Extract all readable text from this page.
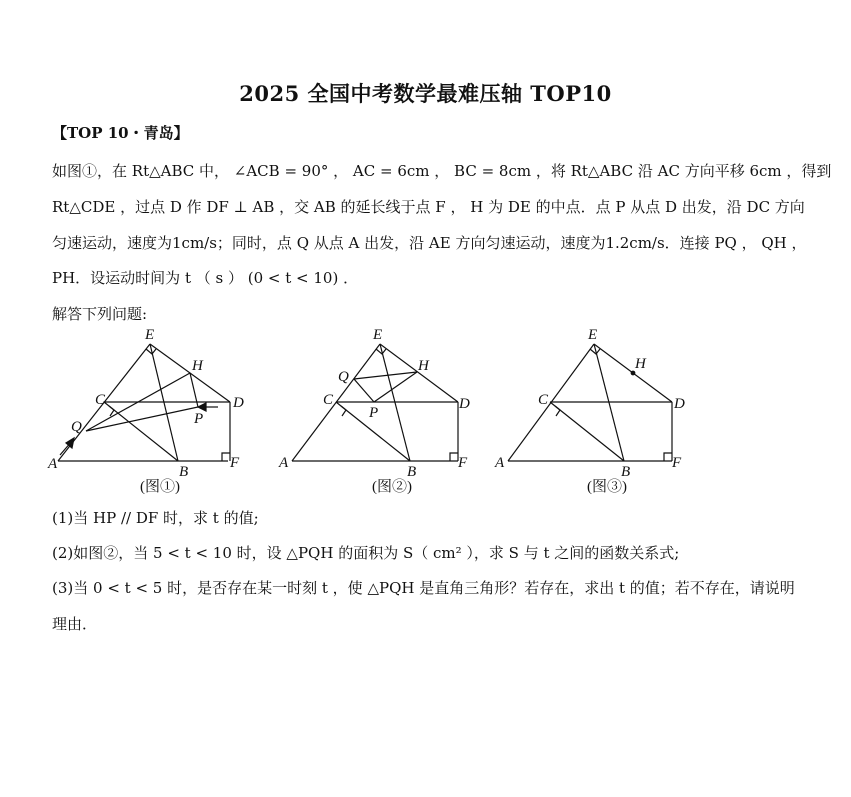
2025 全国中考数学最难压轴 TOP10
【TOP 10・青岛】
如图①，在 Rt△ABC 中， ∠ACB = 90° ， AC = 6cm ， BC = 8cm ，将 Rt△ABC 沿 AC 方向平移 6cm ，得到
Rt△CDE ，过点 D 作 DF ⊥ AB ，交 AB 的延长线于点 F ， H 为 DE 的中点．点 P 从点 D 出发，沿 DC 方向
匀速运动，速度为1cm/s；同时，点 Q 从点 A 出发，沿 AE 方向匀速运动，速度为1.2cm/s．连接 PQ ， QH ，
PH．设运动时间为 t （ s ） (0 < t < 10) ．
解答下列问题:
E
H
C
P
D
Q
A	B
F
(图①)
E
H
Q
C
P
D
A
B
F
(图②)
E
H
C	D
A
B
F
(图③)
(1)当 HP // DF 时，求 t 的值;
(2)如图②，当 5 < t < 10 时，设 △PQH 的面积为 S（ cm² ），求 S 与 t 之间的函数关系式;
(3)当 0 < t < 5 时，是否存在某一时刻 t ，使 △PQH 是直角三角形？若存在，求出 t 的值；若不存在，请说明
理由．
